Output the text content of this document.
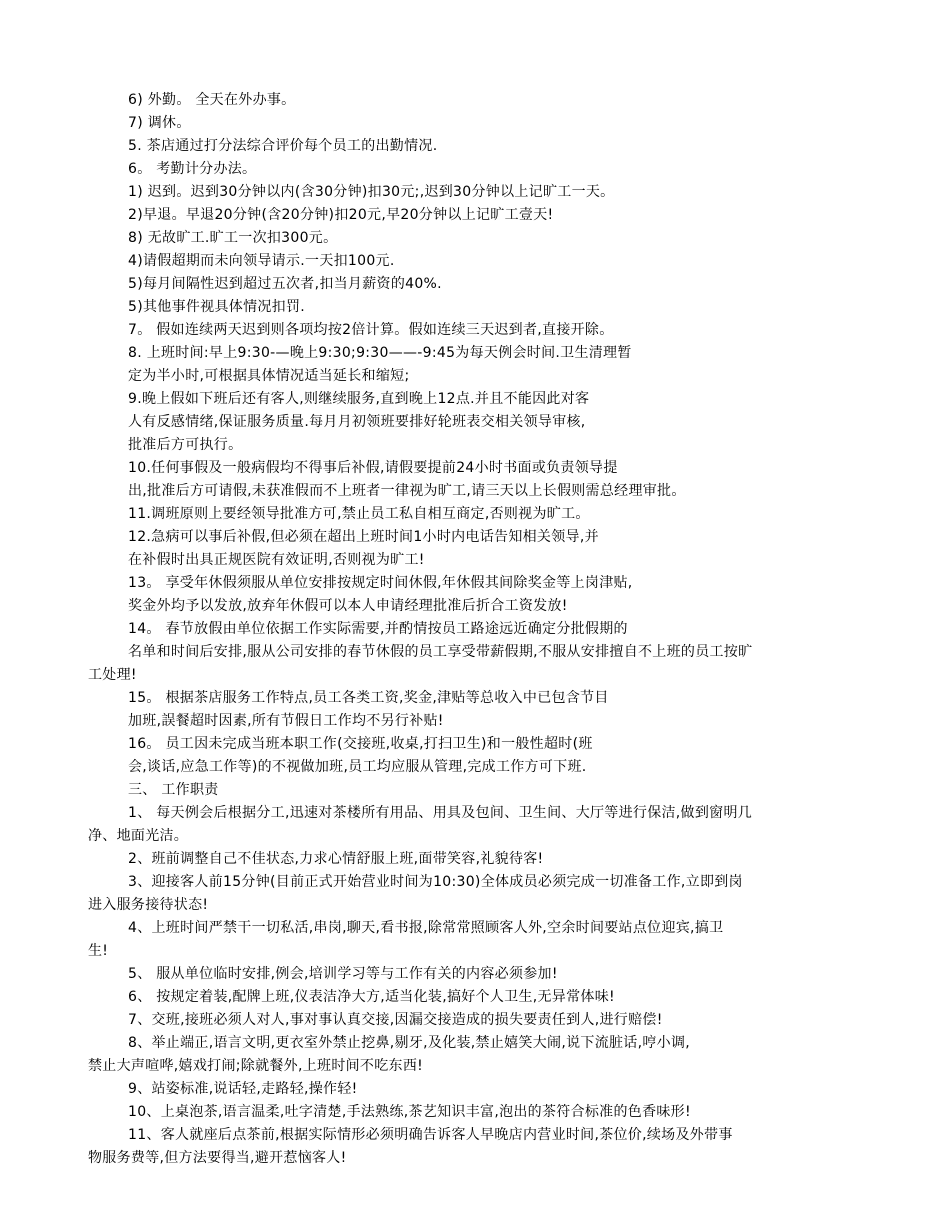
6) 外勤。 全天在外办事。
7) 调休。
5. 茶店通过打分法综合评价每个员工的出勤情况.
6。 考勤计分办法。
1) 迟到。迟到30分钟以内(含30分钟)扣30元;,迟到30分钟以上记旷工一天。
2)早退。早退20分钟(含20分钟)扣20元,早20分钟以上记旷工壹天!
8) 无故旷工.旷工一次扣300元。
4)请假超期而未向领导请示.一天扣100元.
5)每月间隔性迟到超过五次者,扣当月薪资的40%.
5)其他事件视具体情况扣罚.
7。 假如连续两天迟到则各项均按2倍计算。假如连续三天迟到者,直接开除。
8. 上班时间:早上9:30-—晚上9:30;9:30——-9:45为每天例会时间.卫生清理暂
定为半小时,可根据具体情况适当延长和缩短;
9.晚上假如下班后还有客人,则继续服务,直到晚上12点.并且不能因此对客
人有反感情绪,保证服务质量.每月月初领班要排好轮班表交相关领导审核,
批准后方可执行。
10.任何事假及一般病假均不得事后补假,请假要提前24小时书面或负责领导提
出,批准后方可请假,未获准假而不上班者一律视为旷工,请三天以上长假则需总经理审批。
11.调班原则上要经领导批准方可,禁止员工私自相互商定,否则视为旷工。
12.急病可以事后补假,但必须在超出上班时间1小时内电话告知相关领导,并
在补假时出具正规医院有效证明,否则视为旷工!
13。 享受年休假须服从单位安排按规定时间休假,年休假其间除奖金等上岗津贴,
奖金外均予以发放,放弃年休假可以本人申请经理批准后折合工资发放!
14。 春节放假由单位依据工作实际需要,并酌情按员工路途远近确定分批假期的
名单和时间后安排,服从公司安排的春节休假的员工享受带薪假期,不服从安排擅自不上班的员工按旷
工处理!
15。 根据茶店服务工作特点,员工各类工资,奖金,津贴等总收入中已包含节目
加班,誤餐超时因素,所有节假日工作均不另行补贴!
16。 员工因未完成当班本职工作(交接班,收桌,打扫卫生)和一般性超时(班
会,谈话,应急工作等)的不视做加班,员工均应服从管理,完成工作方可下班.
三、 工作职责
1、 每天例会后根据分工,迅速对茶楼所有用品、用具及包间、卫生间、大厅等进行保洁,做到窗明几
净、地面光洁。
2、班前调整自己不佳状态,力求心情舒服上班,面带笑容,礼貌待客!
3、迎接客人前15分钟(目前正式开始营业时间为10:30)全体成员必须完成一切准备工作,立即到岗
进入服务接待状态!
4、上班时间严禁干一切私活,串岗,聊天,看书报,除常常照顾客人外,空余时间要站点位迎宾,搞卫
生!
5、 服从单位临时安排,例会,培训学习等与工作有关的内容必须参加!
6、 按规定着装,配牌上班,仪表洁净大方,适当化装,搞好个人卫生,无异常体味!
7、交班,接班必须人对人,事对事认真交接,因漏交接造成的损失要责任到人,进行赔偿!
8、举止端正,语言文明,更衣室外禁止挖鼻,剔牙,及化装,禁止嬉笑大闹,说下流脏话,哼小调,
禁止大声喧哗,嬉戏打闹;除就餐外,上班时间不吃东西!
9、站姿标准,说话轻,走路轻,操作轻!
10、上桌泡茶,语言温柔,吐字清楚,手法熟练,茶艺知识丰富,泡出的茶符合标准的色香味形!
11、客人就座后点茶前,根据实际情形必须明确告诉客人早晚店内营业时间,茶位价,续场及外带事
物服务费等,但方法要得当,避开惹恼客人!
